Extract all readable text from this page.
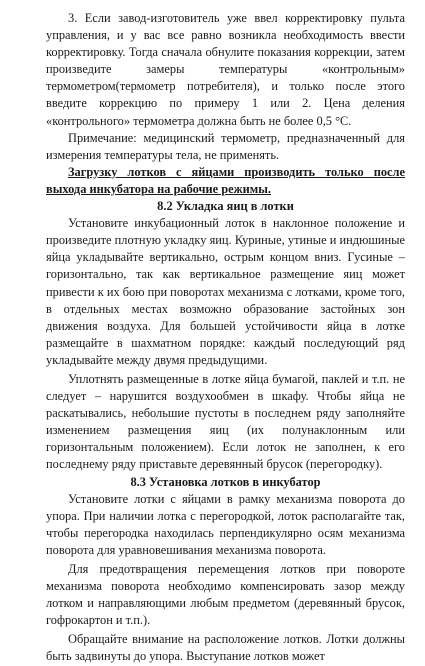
3. Если завод-изготовитель уже ввел корректировку пульта управления, и у вас все равно возникла необходимость ввести корректировку. Тогда сначала обнулите показания коррекции, затем произведите замеры температуры «контрольным» термометром(термометр потребителя), и только после этого введите коррекцию по примеру 1 или 2. Цена деления «контрольного» термометра должна быть не более 0,5 °С.

Примечание: медицинский термометр, предназначенный для измерения температуры тела, не применять.

Загрузку лотков с яйцами производить только после выхода инкубатора на рабочие режимы.

8.2 Укладка яиц в лотки

Установите инкубационный лоток в наклонное положение и произведите плотную укладку яиц. Куриные, утиные и индюшиные яйца укладывайте вертикально, острым концом вниз. Гусиные – горизонтально, так как вертикальное размещение яиц может привести к их бою при поворотах механизма с лотками, кроме того, в отдельных местах возможно образование застойных зон движения воздуха. Для большей устойчивости яйца в лотке размещайте в шахматном порядке: каждый последующий ряд укладывайте между двумя предыдущими.

Уплотнять размещенные в лотке яйца бумагой, паклей и т.п. не следует – нарушится воздухообмен в шкафу. Чтобы яйца не раскатывались, небольшие пустоты в последнем ряду заполняйте изменением размещения яиц (их полунаклонным или горизонтальным положением). Если лоток не заполнен, к его последнему ряду приставьте деревянный брусок (перегородку).

8.3 Установка лотков в инкубатор

Установите лотки с яйцами в рамку механизма поворота до упора. При наличии лотка с перегородкой, лоток располагайте так, чтобы перегородка находилась перпендикулярно осям механизма поворота для уравновешивания механизма поворота.

Для предотвращения перемещения лотков при повороте механизма поворота необходимо компенсировать зазор между лотком и направляющими любым предметом (деревянный брусок, гофрокартон и т.п.).

Обращайте внимание на расположение лотков. Лотки должны быть задвинуты до упора. Выступание лотков может
